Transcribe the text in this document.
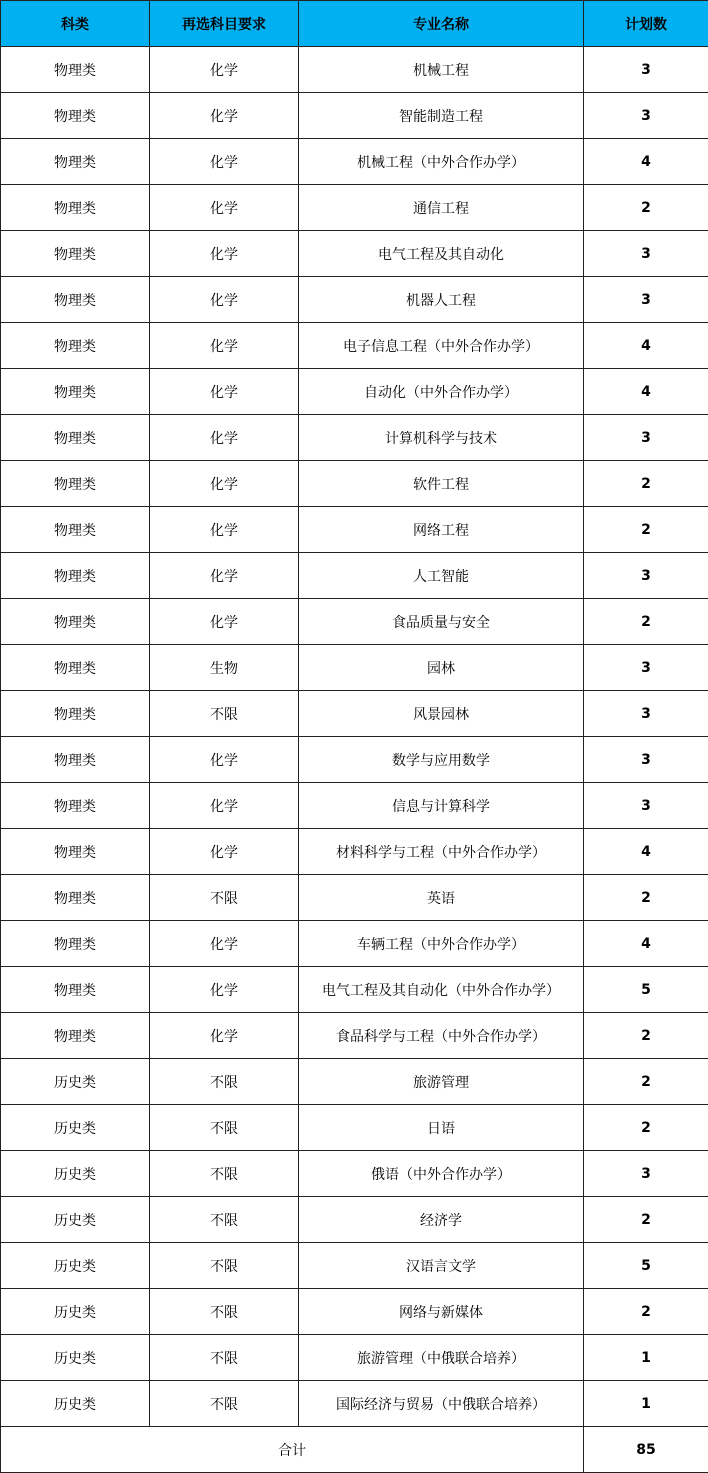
科类	再选科目要求	专业名称	计划数
物理类	化学	机械工程	3
物理类	化学	智能制造工程	3
物理类	化学	机械工程（中外合作办学）	4
物理类	化学	通信工程	2
物理类	化学	电气工程及其自动化	3
物理类	化学	机器人工程	3
物理类	化学	电子信息工程（中外合作办学）	4
物理类	化学	自动化（中外合作办学）	4
物理类	化学	计算机科学与技术	3
物理类	化学	软件工程	2
物理类	化学	网络工程	2
物理类	化学	人工智能	3
物理类	化学	食品质量与安全	2
物理类	生物	园林	3
物理类	不限	风景园林	3
物理类	化学	数学与应用数学	3
物理类	化学	信息与计算科学	3
物理类	化学	材料科学与工程（中外合作办学）	4
物理类	不限	英语	2
物理类	化学	车辆工程（中外合作办学）	4
物理类	化学	电气工程及其自动化（中外合作办学）	5
物理类	化学	食品科学与工程（中外合作办学）	2
历史类	不限	旅游管理	2
历史类	不限	日语	2
历史类	不限	俄语（中外合作办学）	3
历史类	不限	经济学	2
历史类	不限	汉语言文学	5
历史类	不限	网络与新媒体	2
历史类	不限	旅游管理（中俄联合培养）	1
历史类	不限	国际经济与贸易（中俄联合培养）	1
合计			85
